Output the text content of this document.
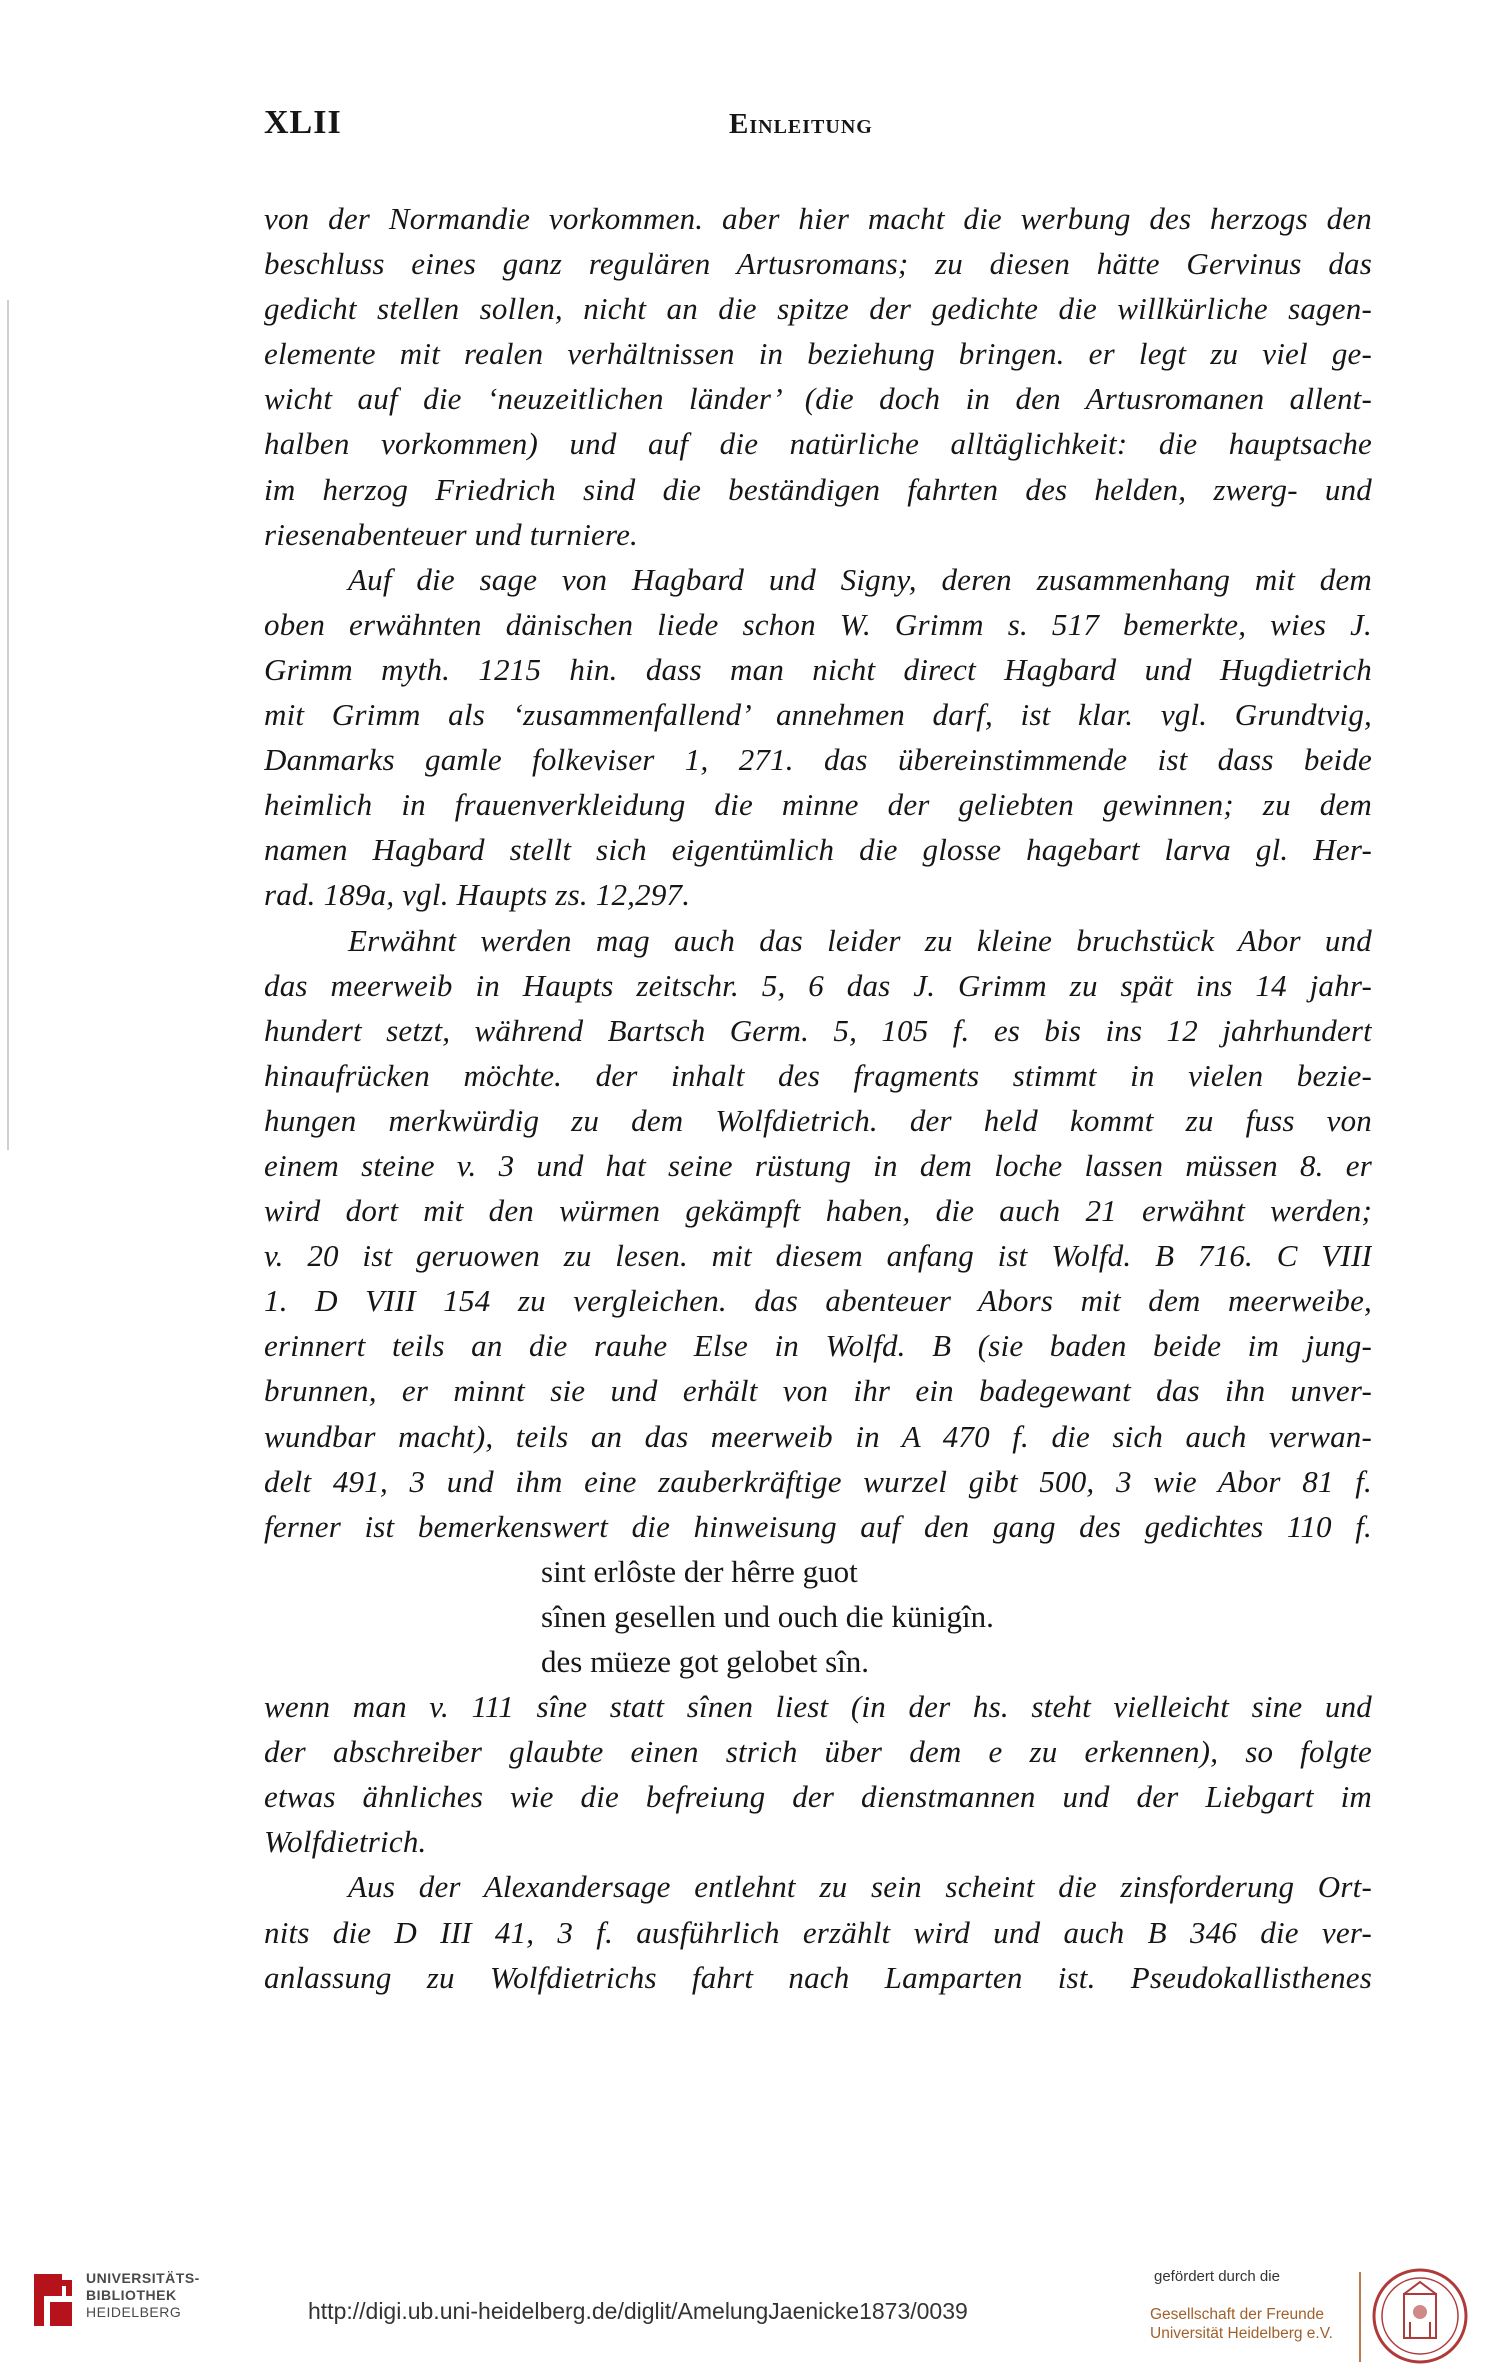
XLII	Einleitung
von der Normandie vorkommen. aber hier macht die werbung des herzogs den
beschluss eines ganz regulären Artusromans; zu diesen hätte Gervinus das
gedicht stellen sollen, nicht an die spitze der gedichte die willkürliche sagen-
elemente mit realen verhältnissen in beziehung bringen. er legt zu viel ge-
wicht auf die ‘neuzeitlichen länder’ (die doch in den Artusromanen allent-
halben vorkommen) und auf die natürliche alltäglichkeit: die hauptsache
im herzog Friedrich sind die beständigen fahrten des helden, zwerg- und
riesenabenteuer und turniere.
Auf die sage von Hagbard und Signy, deren zusammenhang mit dem
oben erwähnten dänischen liede schon W. Grimm s. 517 bemerkte, wies J.
Grimm myth. 1215 hin. dass man nicht direct Hagbard und Hugdietrich
mit Grimm als ‘zusammenfallend’ annehmen darf, ist klar. vgl. Grundtvig,
Danmarks gamle folkeviser 1, 271. das übereinstimmende ist dass beide
heimlich in frauenverkleidung die minne der geliebten gewinnen; zu dem
namen Hagbard stellt sich eigentümlich die glosse hagebart larva gl. Her-
rad. 189a, vgl. Haupts zs. 12,297.
Erwähnt werden mag auch das leider zu kleine bruchstück Abor und
das meerweib in Haupts zeitschr. 5, 6 das J. Grimm zu spät ins 14 jahr-
hundert setzt, während Bartsch Germ. 5, 105 f. es bis ins 12 jahrhundert
hinaufrücken möchte. der inhalt des fragments stimmt in vielen bezie-
hungen merkwürdig zu dem Wolfdietrich. der held kommt zu fuss von
einem steine v. 3 und hat seine rüstung in dem loche lassen müssen 8. er
wird dort mit den würmen gekämpft haben, die auch 21 erwähnt werden;
v. 20 ist geruowen zu lesen. mit diesem anfang ist Wolfd. B 716. C VIII
1. D VIII 154 zu vergleichen. das abenteuer Abors mit dem meerweibe,
erinnert teils an die rauhe Else in Wolfd. B (sie baden beide im jung-
brunnen, er minnt sie und erhält von ihr ein badegewant das ihn unver-
wundbar macht), teils an das meerweib in A 470 f. die sich auch verwan-
delt 491, 3 und ihm eine zauberkräftige wurzel gibt 500, 3 wie Abor 81 f.
ferner ist bemerkenswert die hinweisung auf den gang des gedichtes 110 f.
sint erlôste der hêrre guot
sînen gesellen und ouch die künigîn.
des müeze got gelobet sîn.
wenn man v. 111 sîne statt sînen liest (in der hs. steht vielleicht sine und
der abschreiber glaubte einen strich über dem e zu erkennen), so folgte
etwas ähnliches wie die befreiung der dienstmannen und der Liebgart im
Wolfdietrich.
Aus der Alexandersage entlehnt zu sein scheint die zinsforderung Ort-
nits die D III 41, 3 f. ausführlich erzählt wird und auch B 346 die ver-
anlassung zu Wolfdietrichs fahrt nach Lamparten ist. Pseudokallisthenes
UNIVERSITÄTS-
BIBLIOTHEK
HEIDELBERG	http://digi.ub.uni-heidelberg.de/diglit/AmelungJaenicke1873/0039
gefördert durch die
Gesellschaft der Freunde
Universität Heidelberg e.V.
